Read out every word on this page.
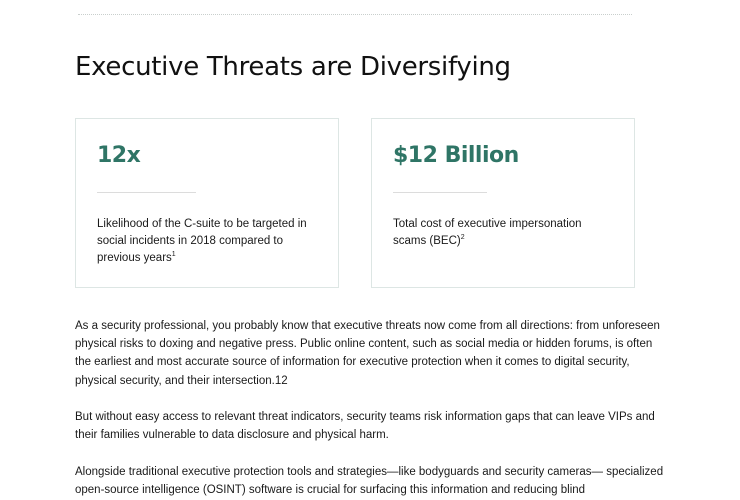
Executive Threats are Diversifying
12x
Likelihood of the C-suite to be targeted in social incidents in 2018 compared to previous years$^1$
$12 Billion
Total cost of executive impersonation scams (BEC)$^2$

As a security professional, you probably know that executive threats now come from all directions: from unforeseen physical risks to doxing and negative press. Public online content, such as social media or hidden forums, is often the earliest and most accurate source of information for executive protection when it comes to digital security, physical security, and their intersection.12

But without easy access to relevant threat indicators, security teams risk information gaps that can leave VIPs and their families vulnerable to data disclosure and physical harm.

Alongside traditional executive protection tools and strategies—like bodyguards and security cameras— specialized open-source intelligence (OSINT) software is crucial for surfacing this information and reducing blind
